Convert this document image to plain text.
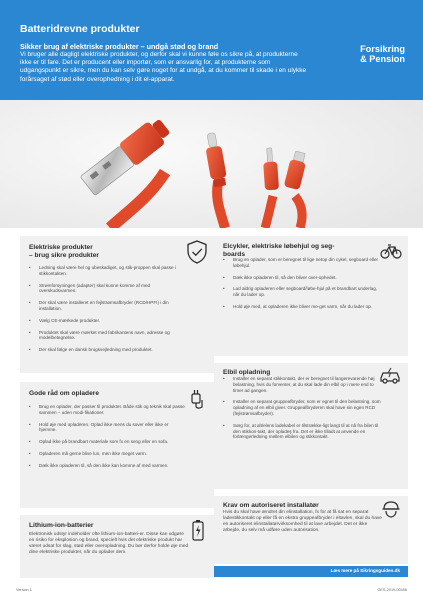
Batteridrevne produkter
Sikker brug af elektriske produkter – undgå stød og brand
Vi bruger alle dagligt elektriske produkter, og derfor skal vi kunne føle os sikre på, at produkterne ikke er til fare. Det er producent eller importør, som er ansvarlig for, at produkterne som udgangspunkt er sikre, men du kan selv gøre noget for at undgå, at du kommer til skade i en ulykke forårsaget af stød eller overophedning i dit el-apparat.
Forsikring
& Pension
Elektriske produkter
– brug sikre produkter
• Ledning skal være hel og ubeskadiget, og stik-proppen skal passe i stikkontakten.
• Strømforsyningen (adapter) skal kunne komme af med overskudsvarmen.
• Der skal være installeret en fejlstrømsafbryder (RCD/HPFI) i din installation.
• Vælg CE-mærkede produkter.
• Produktet skal være mærket med fabrikantens navn, adresse og modelbetegnelse.
• Der skal følge en dansk brugsvejledning med produktet.
Gode råd om opladere
• Brug en oplader, der passer til produktet. Både stik og teknik skal passe sammen – uden modi-fikationer.
• Hold øje med opladeren. Oplad ikke mens du sover eller ikke er hjemme.
• Oplad ikke på brandbart materiale som fx en seng eller en sofa.
• Opladeren må gerne blive lun, men ikke meget varm.
• Dæk ikke opladeren til, så den ikke kan komme af med varmen.
Lithium-ion-batterier
Elektronisk udstyr indeholder ofte lithium-ion-batteri-er. Disse kan udgøre en risiko for eksplosion og brand, specielt hvis det elektriske produkt har været udsat for slag, stød eller overopladning. Du bør derfor holde øje med dine elektriske produkter, når du oplader dem.
Elcykler, elektriske løbehjul og seg-
boards
• Brug en oplader, som er beregnet til lige netop din cykel, segboard eller løbehjul.
• Dæk ikke opladeren til, så den bliver over-ophedet.
• Lad aldrig opladeren eller segboard/løbe-hjul på et brandbart underlag, når du lader op.
• Hold øje med, at opladeren ikke bliver me-get varm, når du lader op.
Elbil opladning
• Installer en separat stikkontakt, der er beregnet til langerevarende høj belastning, hvis du forventer, at du skal lade din elbil op i mere end to timer ad gangen.
• Installer en separat gruppeafbryder, som er egnet til den belastning, som opladning af en elbil giver. Gruppeafbryderen skal have sin egen RCD (fejlstrømsafbryder).
• Sørg for, at alt/elens ladekabel er tilstrække-ligt langt til at nå fra bilen til den stikkon-takt, der opladeş fra. Det er ikke tilladt at anvende en forlængerledning mellem elbilen og stikkontakt.
Krav om autoriseret installatør
Hvis du skal have ændret din elinstallation, fx for at få sat en separat ladestikkontakt op eller få en ekstra gruppeafbryder i eltavlen, skal du have en autoriseret elinstallatørvirksomhed til at lave arbejdet. Det er ikke arbejde, du selv må udføre uden autorisation.
Læs mere på Sikringsguiden.dk
Version 1	GES-2019-00496
